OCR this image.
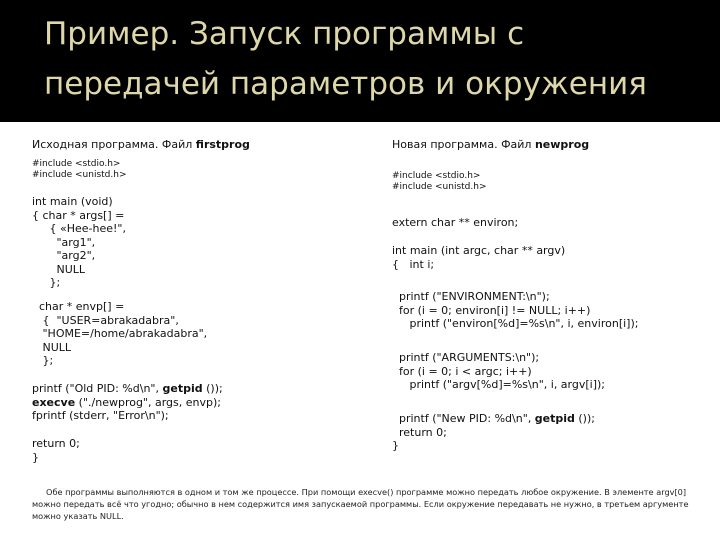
Пример. Запуск программы с
передачей параметров и окружения
Исходная программа. Файл firstprog
#include <stdio.h>
#include <unistd.h>
int main (void)
{ char * args[] =
{ «Hee-hee!",
"arg1",
"arg2",
NULL
};
char * envp[] =
{  "USER=abrakadabra",
"HOME=/home/abrakadabra",
NULL
};
printf ("Old PID: %d\n", getpid ());
execve ("./newprog", args, envp);
fprintf (stderr, "Error\n");
return 0;
}
Новая программа. Файл newprog
#include <stdio.h>
#include <unistd.h>
extern char ** environ;
int main (int argc, char ** argv)
{   int i;
printf ("ENVIRONMENT:\n");
for (i = 0; environ[i] != NULL; i++)
printf ("environ[%d]=%s\n", i, environ[i]);
printf ("ARGUMENTS:\n");
for (i = 0; i < argc; i++)
printf ("argv[%d]=%s\n", i, argv[i]);
printf ("New PID: %d\n", getpid ());
return 0;
}
Обе программы выполняются в одном и том же процессе. При помощи execve() программе можно передать любое окружение. В элементе argv[0] можно передать всё что угодно; обычно в нем содержится имя запускаемой программы. Если окружение передавать не нужно, в третьем аргументе можно указать NULL.
